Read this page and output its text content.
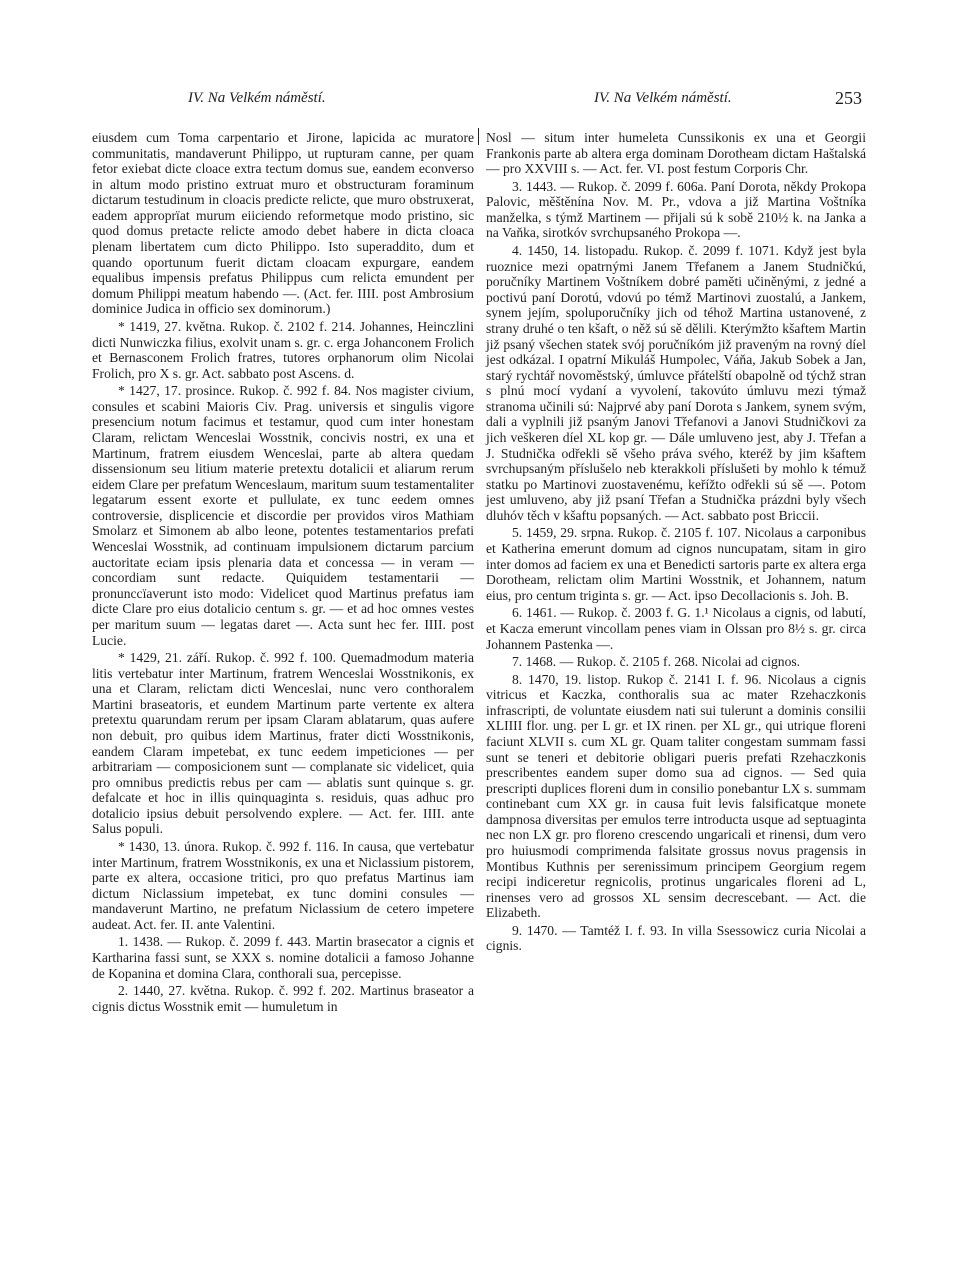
IV. Na Velkém náměstí.	IV. Na Velkém náměstí.	253

eiusdem cum Toma carpentario et Jirone, lapicida ac muratore communitatis, mandaverunt Philippo, ut rupturam canne, per quam fetor exiebat dicte cloace extra tectum domus sue, eandem econverso in altum modo pristino extruat muro et obstructuram foraminum dictarum testudinum in cloacis predicte relicte, que muro obstruxerat, eadem approprïat murum eiiciendo reformetque modo pristino, sic quod domus pretacte relicte amodo debet habere in dicta cloaca plenam libertatem cum dicto Philippo. Isto superaddito, dum et quando oportunum fuerit dictam cloacam expurgare, eandem equalibus impensis prefatus Philippus cum relicta emundent per domum Philippi meatum habendo —. (Act. fer. IIII. post Ambrosium dominice Judica in officio sex dominorum.)

* 1419, 27. května. Rukop. č. 2102 f. 214. Johannes, Heinczlini dicti Nunwiczka filius, exolvit unam s. gr. c. erga Johanconem Frolich et Bernasconem Frolich fratres, tutores orphanorum olim Nicolai Frolich, pro X s. gr. Act. sabbato post Ascens. d.

* 1427, 17. prosince. Rukop. č. 992 f. 84. Nos magister civium, consules et scabini Maioris Civ. Prag. universis et singulis vigore presencium notum facimus et testamur, quod cum inter honestam Claram, relictam Wenceslai Wosstnik, concivis nostri, ex una et Martinum, fratrem eiusdem Wenceslai, parte ab altera quedam dissensionum seu litium materie pretextu dotalicii et aliarum rerum eidem Clare per prefatum Wenceslaum, maritum suum testamentaliter legatarum essent exorte et pullulate, ex tunc eedem omnes controversie, displicencie et discordie per providos viros Mathiam Smolarz et Simonem ab albo leone, potentes testamentarios prefati Wenceslai Wosstnik, ad continuam impulsionem dictarum parcium auctoritate eciam ipsis plenaria data et concessa — in veram — concordiam sunt redacte. Quiquidem testamentarii — pronunccïaverunt isto modo: Videlicet quod Martinus prefatus iam dicte Clare pro eius dotalicio centum s. gr. — et ad hoc omnes vestes per maritum suum — legatas daret —. Acta sunt hec fer. IIII. post Lucie.

* 1429, 21. září. Rukop. č. 992 f. 100. Quemadmodum materia litis vertebatur inter Martinum, fratrem Wenceslai Wosstnikonis, ex una et Claram, relictam dicti Wenceslai, nunc vero conthoralem Martini braseatoris, et eundem Martinum parte vertente ex altera pretextu quarundam rerum per ipsam Claram ablatarum, quas aufere non debuit, pro quibus idem Martinus, frater dicti Wosstnikonis, eandem Claram impetebat, ex tunc eedem impeticiones — per arbitrariam — composicionem sunt — complanate sic videlicet, quia pro omnibus predictis rebus per cam — ablatis sunt quinque s. gr. defalcate et hoc in illis quinquaginta s. residuis, quas adhuc pro dotalicio ipsius debuit persolvendo explere. — Act. fer. IIII. ante Salus populi.

* 1430, 13. února. Rukop. č. 992 f. 116. In causa, que vertebatur inter Martinum, fratrem Wosstnikonis, ex una et Niclassium pistorem, parte ex altera, occasione tritici, pro quo prefatus Martinus iam dictum Niclassium impetebat, ex tunc domini consules — mandaverunt Martino, ne prefatum Niclassium de cetero impetere audeat. Act. fer. II. ante Valentini.

1. 1438. — Rukop. č. 2099 f. 443. Martin brasecator a cignis et Kartharina fassi sunt, se XXX s. nomine dotalicii a famoso Johanne de Kopanina et domina Clara, conthorali sua, percepisse.

2. 1440, 27. května. Rukop. č. 992 f. 202. Martinus braseator a cignis dictus Wosstnik emit — humuletum in

Nosl — situm inter humeleta Cunssikonis ex una et Georgii Frankonis parte ab altera erga dominam Dorotheam dictam Haštalská — pro XXVIII s. — Act. fer. VI. post festum Corporis Chr.

3. 1443. — Rukop. č. 2099 f. 606a. Paní Dorota, někdy Prokopa Palovic, měštěnína Nov. M. Pr., vdova a již Martina Voštníka manželka, s týmž Martinem — přijali sú k sobě 210½ k. na Janka a na Vaňka, sirotkóv svrchupsaného Prokopa —.

4. 1450, 14. listopadu. Rukop. č. 2099 f. 1071. Když jest byla ruoznice mezi opatrnými Janem Třefanem a Janem Studničkú, poručníky Martinem Voštníkem dobré paměti učiněnými, z jedné a poctivú paní Dorotú, vdovú po témž Martinovi zuostalú, a Jankem, synem jejím, spoluporučníky jich od téhož Martina ustanovené, z strany druhé o ten kšaft, o něž sú sě dělili. Kterýmžto kšaftem Martin již psaný všechen statek svój poručníkóm již praveným na rovný díel jest odkázal. I opatrní Mikuláš Humpolec, Váňa, Jakub Sobek a Jan, starý rychtář novoměstský, úmluvce přátelští obapolně od týchž stran s plnú mocí vydaní a vyvolení, takovúto úmluvu mezi týmaž stranoma učinili sú: Najprvé aby paní Dorota s Jankem, synem svým, dali a vyplnili již psaným Janovi Třefanovi a Janovi Studničkovi za jich veškeren díel XL kop gr. — Dále umluveno jest, aby J. Třefan a J. Studnička odřekli sě všeho práva svého, kteréž by jim kšaftem svrchupsaným příslušelo neb kterakkoli příslušeti by mohlo k témuž statku po Martinovi zuostavenému, keřížto odřekli sú sě —. Potom jest umluveno, aby již psaní Třefan a Studnička prázdni byly všech dluhóv těch v kšaftu popsaných. — Act. sabbato post Briccii.

5. 1459, 29. srpna. Rukop. č. 2105 f. 107. Nicolaus a carponibus et Katherina emerunt domum ad cignos nuncupatam, sitam in giro inter domos ad faciem ex una et Benedicti sartoris parte ex altera erga Dorotheam, relictam olim Martini Wosstnik, et Johannem, natum eius, pro centum triginta s. gr. — Act. ipso Decollacionis s. Joh. B.

6. 1461. — Rukop. č. 2003 f. G. 1.¹ Nicolaus a cignis, od labutí, et Kacza emerunt vincollam penes viam in Olssan pro 8½ s. gr. circa Johannem Pastenka —.

7. 1468. — Rukop. č. 2105 f. 268. Nicolai ad cignos.

8. 1470, 19. listop. Rukop č. 2141 I. f. 96. Nicolaus a cignis vitricus et Kaczka, conthoralis sua ac mater Rzehaczkonis infrascripti, de voluntate eiusdem nati sui tulerunt a dominis consilii XLIIII flor. ung. per L gr. et IX rinen. per XL gr., qui utrique floreni faciunt XLVII s. cum XL gr. Quam taliter congestam summam fassi sunt se teneri et debitorie obligari pueris prefati Rzehaczkonis prescribentes eandem super domo sua ad cignos. — Sed quia prescripti duplices floreni dum in consilio ponebantur LX s. summam continebant cum XX gr. in causa fuit levis falsificatque monete dampnosa diversitas per emulos terre introducta usque ad septuaginta nec non LX gr. pro floreno crescendo ungaricali et rinensi, dum vero pro huiusmodi comprimenda falsitate grossus novus pragensis in Montibus Kuthnis per serenissimum principem Georgium regem recipi indiceretur regnicolis, protinus ungaricales floreni ad L, rinenses vero ad grossos XL sensim decrescebant. — Act. die Elizabeth.

9. 1470. — Tamtéž I. f. 93. In villa Ssessowicz curia Nicolai a cignis.
